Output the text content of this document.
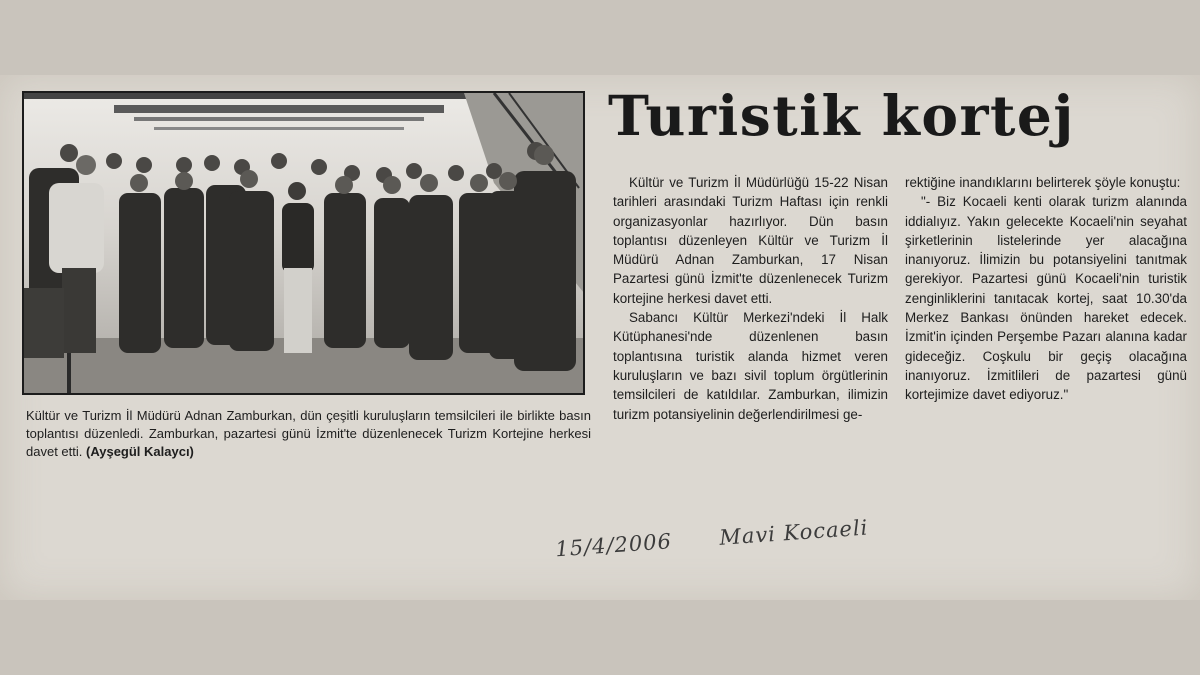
Kültür ve Turizm İl Müdürü Adnan Zamburkan, dün çeşitli kuruluşların temsilcileri ile birlikte basın toplantısı düzenledi. Zamburkan, pazartesi günü İzmit'te düzenlenecek Turizm Kortejine herkesi davet etti. (Ayşegül Kalaycı)
Turistik kortej

Kültür ve Turizm İl Müdürlüğü 15-22 Nisan tarihleri arasındaki Turizm Haftası için renkli organizasyonlar hazırlıyor. Dün basın toplantısı düzenleyen Kültür ve Turizm İl Müdürü Adnan Zamburkan, 17 Nisan Pazartesi günü İzmit'te düzenlenecek Turizm kortejine herkesi davet etti.

Sabancı Kültür Merkezi'ndeki İl Halk Kütüphanesi'nde düzenlenen basın toplantısına turistik alanda hizmet veren kuruluşların ve bazı sivil toplum örgütlerinin temsilcileri de katıldılar. Zamburkan, ilimizin turizm potansiyelinin değerlendirilmesi ge-

rektiğine inandıklarını belirterek şöyle konuştu:

"- Biz Kocaeli kenti olarak turizm alanında iddialıyız. Yakın gelecekte Kocaeli'nin seyahat şirketlerinin listelerinde yer alacağına inanıyoruz. İlimizin bu potansiyelini tanıtmak gerekiyor. Pazartesi günü Kocaeli'nin turistik zenginliklerini tanıtacak kortej, saat 10.30'da Merkez Bankası önünden hareket edecek. İzmit'in içinden Perşembe Pazarı alanına kadar gideceğiz. Coşkulu bir geçiş olacağına inanıyoruz. İzmitlileri de pazartesi günü kortejimize davet ediyoruz."

15/4/2006 Mavi Kocaeli
